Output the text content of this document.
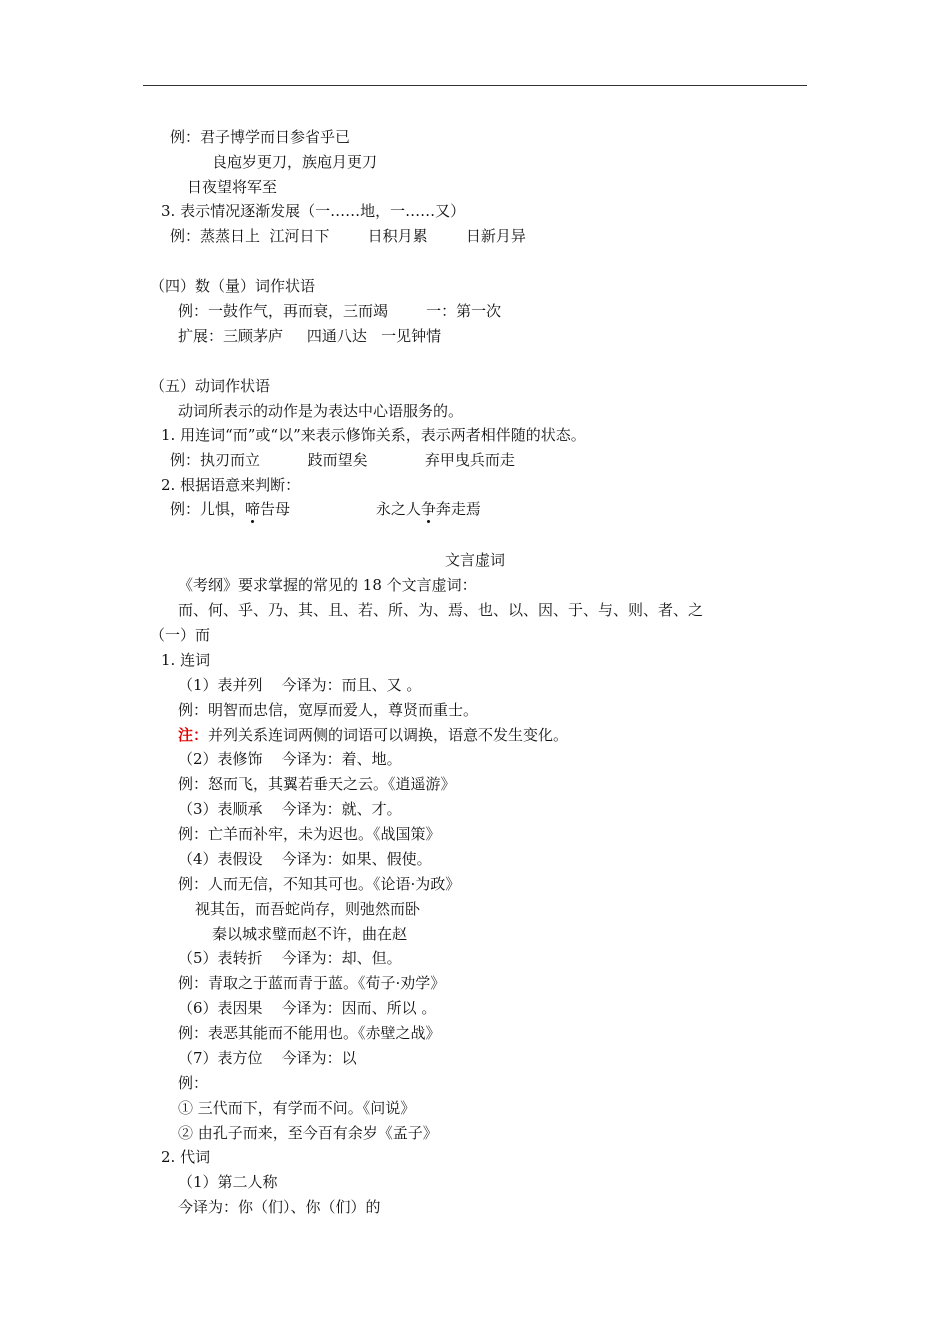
例：君子博学而日参省乎已
良庖岁更刀，族庖月更刀
日夜望将军至
3. 表示情况逐渐发展（一……地，一……又）
例：蒸蒸日上  江河日下        日积月累        日新月异
（四）数（量）词作状语
例：一鼓作气，再而衰，三而竭        一：第一次
扩展：三顾茅庐     四通八达   一见钟情
（五）动词作状语
动词所表示的动作是为表达中心语服务的。
1. 用连词“而”或“以”来表示修饰关系，表示两者相伴随的状态。
例：执刃而立          跂而望矣            弃甲曳兵而走
2. 根据语意来判断：
例：儿惧，啼告母                  永之人争奔走焉
文言虚词
《考纲》要求掌握的常见的 18 个文言虚词：
而、何、乎、乃、其、且、若、所、为、焉、也、以、因、于、与、则、者、之
（一）而
1. 连词
（1）表并列    今译为：而且、又 。
例：明智而忠信，宽厚而爱人，尊贤而重士。
注：并列关系连词两侧的词语可以调换，语意不发生变化。
（2）表修饰    今译为：着、地。
例：怒而飞，其翼若垂天之云。《逍遥游》
（3）表顺承    今译为：就、才。
例：亡羊而补牢，未为迟也。《战国策》
（4）表假设    今译为：如果、假使。
例：人而无信，不知其可也。《论语·为政》
视其缶，而吾蛇尚存，则弛然而卧
秦以城求璧而赵不许，曲在赵
（5）表转折    今译为：却、但。
例：青取之于蓝而青于蓝。《荀子·劝学》
（6）表因果    今译为：因而、所以 。
例：表恶其能而不能用也。《赤壁之战》
（7）表方位    今译为：以
例：
① 三代而下，有学而不问。《问说》
② 由孔子而来，至今百有余岁《孟子》
2. 代词
（1）第二人称
今译为：你（们）、你（们）的
